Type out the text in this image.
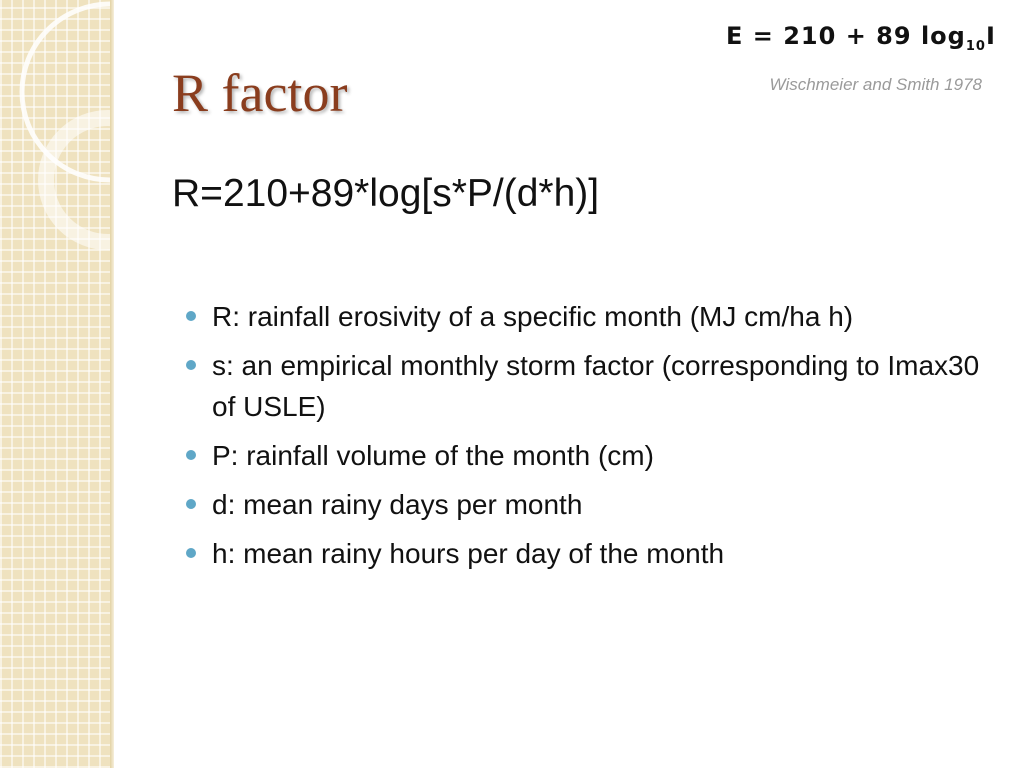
E = 210 + 89 $\log_{10}I$
Wischmeier and Smith 1978
R factor
R=210+89*log[s*P/(d*h)]
R: rainfall erosivity of a specific month (MJ cm/ha h)
s: an empirical monthly storm factor (corresponding to Imax30 of USLE)
P: rainfall volume of the month (cm)
d: mean rainy days per month
h: mean rainy hours per day of the month
